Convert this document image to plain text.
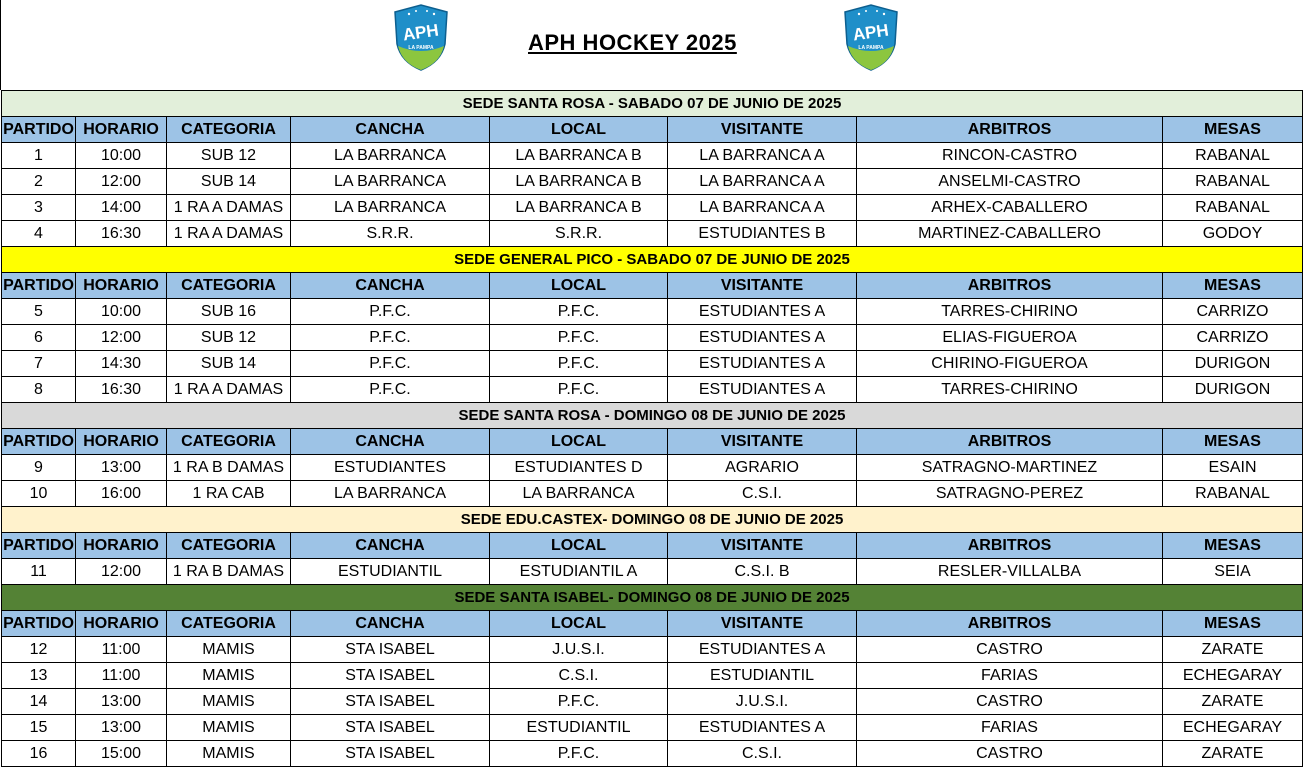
APH
LA PAMPA	APH HOCKEY 2025	APH
LA PAMPA
SEDE SANTA ROSA - SABADO 07 DE JUNIO DE 2025							
PARTIDO	HORARIO	CATEGORIA	CANCHA	LOCAL	VISITANTE	ARBITROS	MESAS
1	10:00	SUB 12	LA BARRANCA	LA BARRANCA B	LA BARRANCA A	RINCON-CASTRO	RABANAL
2	12:00	SUB 14	LA BARRANCA	LA BARRANCA B	LA BARRANCA A	ANSELMI-CASTRO	RABANAL
3	14:00	1 RA A DAMAS	LA BARRANCA	LA BARRANCA B	LA BARRANCA A	ARHEX-CABALLERO	RABANAL
4	16:30	1 RA A DAMAS	S.R.R.	S.R.R.	ESTUDIANTES B	MARTINEZ-CABALLERO	GODOY
SEDE GENERAL PICO - SABADO 07 DE JUNIO DE 2025							
PARTIDO	HORARIO	CATEGORIA	CANCHA	LOCAL	VISITANTE	ARBITROS	MESAS
5	10:00	SUB 16	P.F.C.	P.F.C.	ESTUDIANTES A	TARRES-CHIRINO	CARRIZO
6	12:00	SUB 12	P.F.C.	P.F.C.	ESTUDIANTES A	ELIAS-FIGUEROA	CARRIZO
7	14:30	SUB 14	P.F.C.	P.F.C.	ESTUDIANTES A	CHIRINO-FIGUEROA	DURIGON
8	16:30	1 RA A DAMAS	P.F.C.	P.F.C.	ESTUDIANTES A	TARRES-CHIRINO	DURIGON
SEDE SANTA ROSA - DOMINGO 08 DE JUNIO DE 2025							
PARTIDO	HORARIO	CATEGORIA	CANCHA	LOCAL	VISITANTE	ARBITROS	MESAS
9	13:00	1 RA B DAMAS	ESTUDIANTES	ESTUDIANTES D	AGRARIO	SATRAGNO-MARTINEZ	ESAIN
10	16:00	1 RA CAB	LA BARRANCA	LA BARRANCA	C.S.I.	SATRAGNO-PEREZ	RABANAL
SEDE EDU.CASTEX- DOMINGO 08 DE JUNIO DE 2025							
PARTIDO	HORARIO	CATEGORIA	CANCHA	LOCAL	VISITANTE	ARBITROS	MESAS
11	12:00	1 RA B DAMAS	ESTUDIANTIL	ESTUDIANTIL A	C.S.I. B	RESLER-VILLALBA	SEIA
SEDE SANTA ISABEL- DOMINGO 08 DE JUNIO DE 2025							
PARTIDO	HORARIO	CATEGORIA	CANCHA	LOCAL	VISITANTE	ARBITROS	MESAS
12	11:00	MAMIS	STA ISABEL	J.U.S.I.	ESTUDIANTES A	CASTRO	ZARATE
13	11:00	MAMIS	STA ISABEL	C.S.I.	ESTUDIANTIL	FARIAS	ECHEGARAY
14	13:00	MAMIS	STA ISABEL	P.F.C.	J.U.S.I.	CASTRO	ZARATE
15	13:00	MAMIS	STA ISABEL	ESTUDIANTIL	ESTUDIANTES A	FARIAS	ECHEGARAY
16	15:00	MAMIS	STA ISABEL	P.F.C.	C.S.I.	CASTRO	ZARATE
